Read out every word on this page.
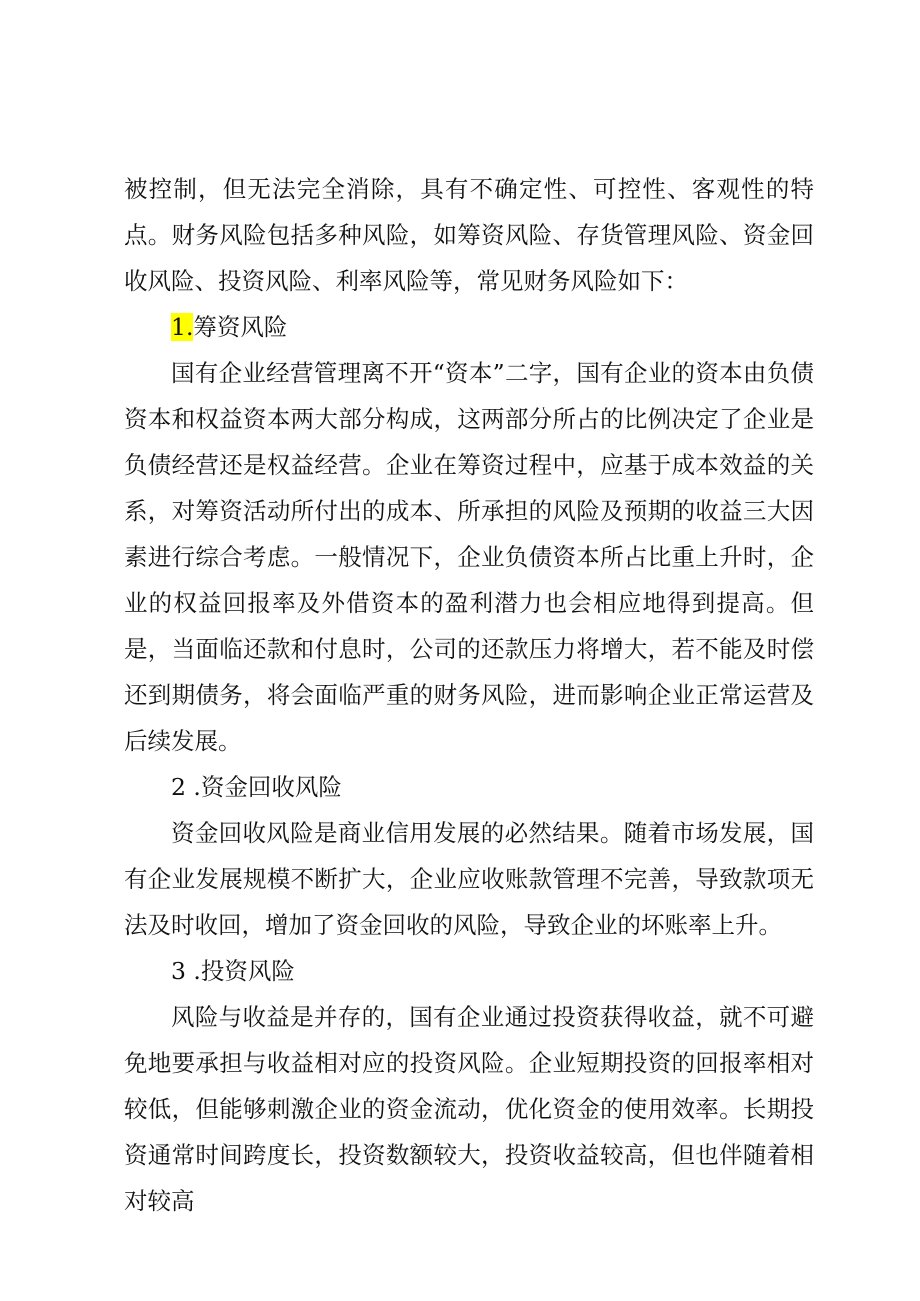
被控制，但无法完全消除，具有不确定性、可控性、客观性的特点。财务风险包括多种风险，如筹资风险、存货管理风险、资金回收风险、投资风险、利率风险等，常见财务风险如下：

1.筹资风险

国有企业经营管理离不开“资本”二字，国有企业的资本由负债资本和权益资本两大部分构成，这两部分所占的比例决定了企业是负债经营还是权益经营。企业在筹资过程中，应基于成本效益的关系，对筹资活动所付出的成本、所承担的风险及预期的收益三大因素进行综合考虑。一般情况下，企业负债资本所占比重上升时，企业的权益回报率及外借资本的盈利潜力也会相应地得到提高。但是，当面临还款和付息时，公司的还款压力将增大，若不能及时偿还到期债务，将会面临严重的财务风险，进而影响企业正常运营及后续发展。

2 .资金回收风险

资金回收风险是商业信用发展的必然结果。随着市场发展，国有企业发展规模不断扩大，企业应收账款管理不完善，导致款项无法及时收回，增加了资金回收的风险，导致企业的坏账率上升。

3 .投资风险

风险与收益是并存的，国有企业通过投资获得收益，就不可避免地要承担与收益相对应的投资风险。企业短期投资的回报率相对较低，但能够刺激企业的资金流动，优化资金的使用效率。长期投资通常时间跨度长，投资数额较大，投资收益较高，但也伴随着相对较高
